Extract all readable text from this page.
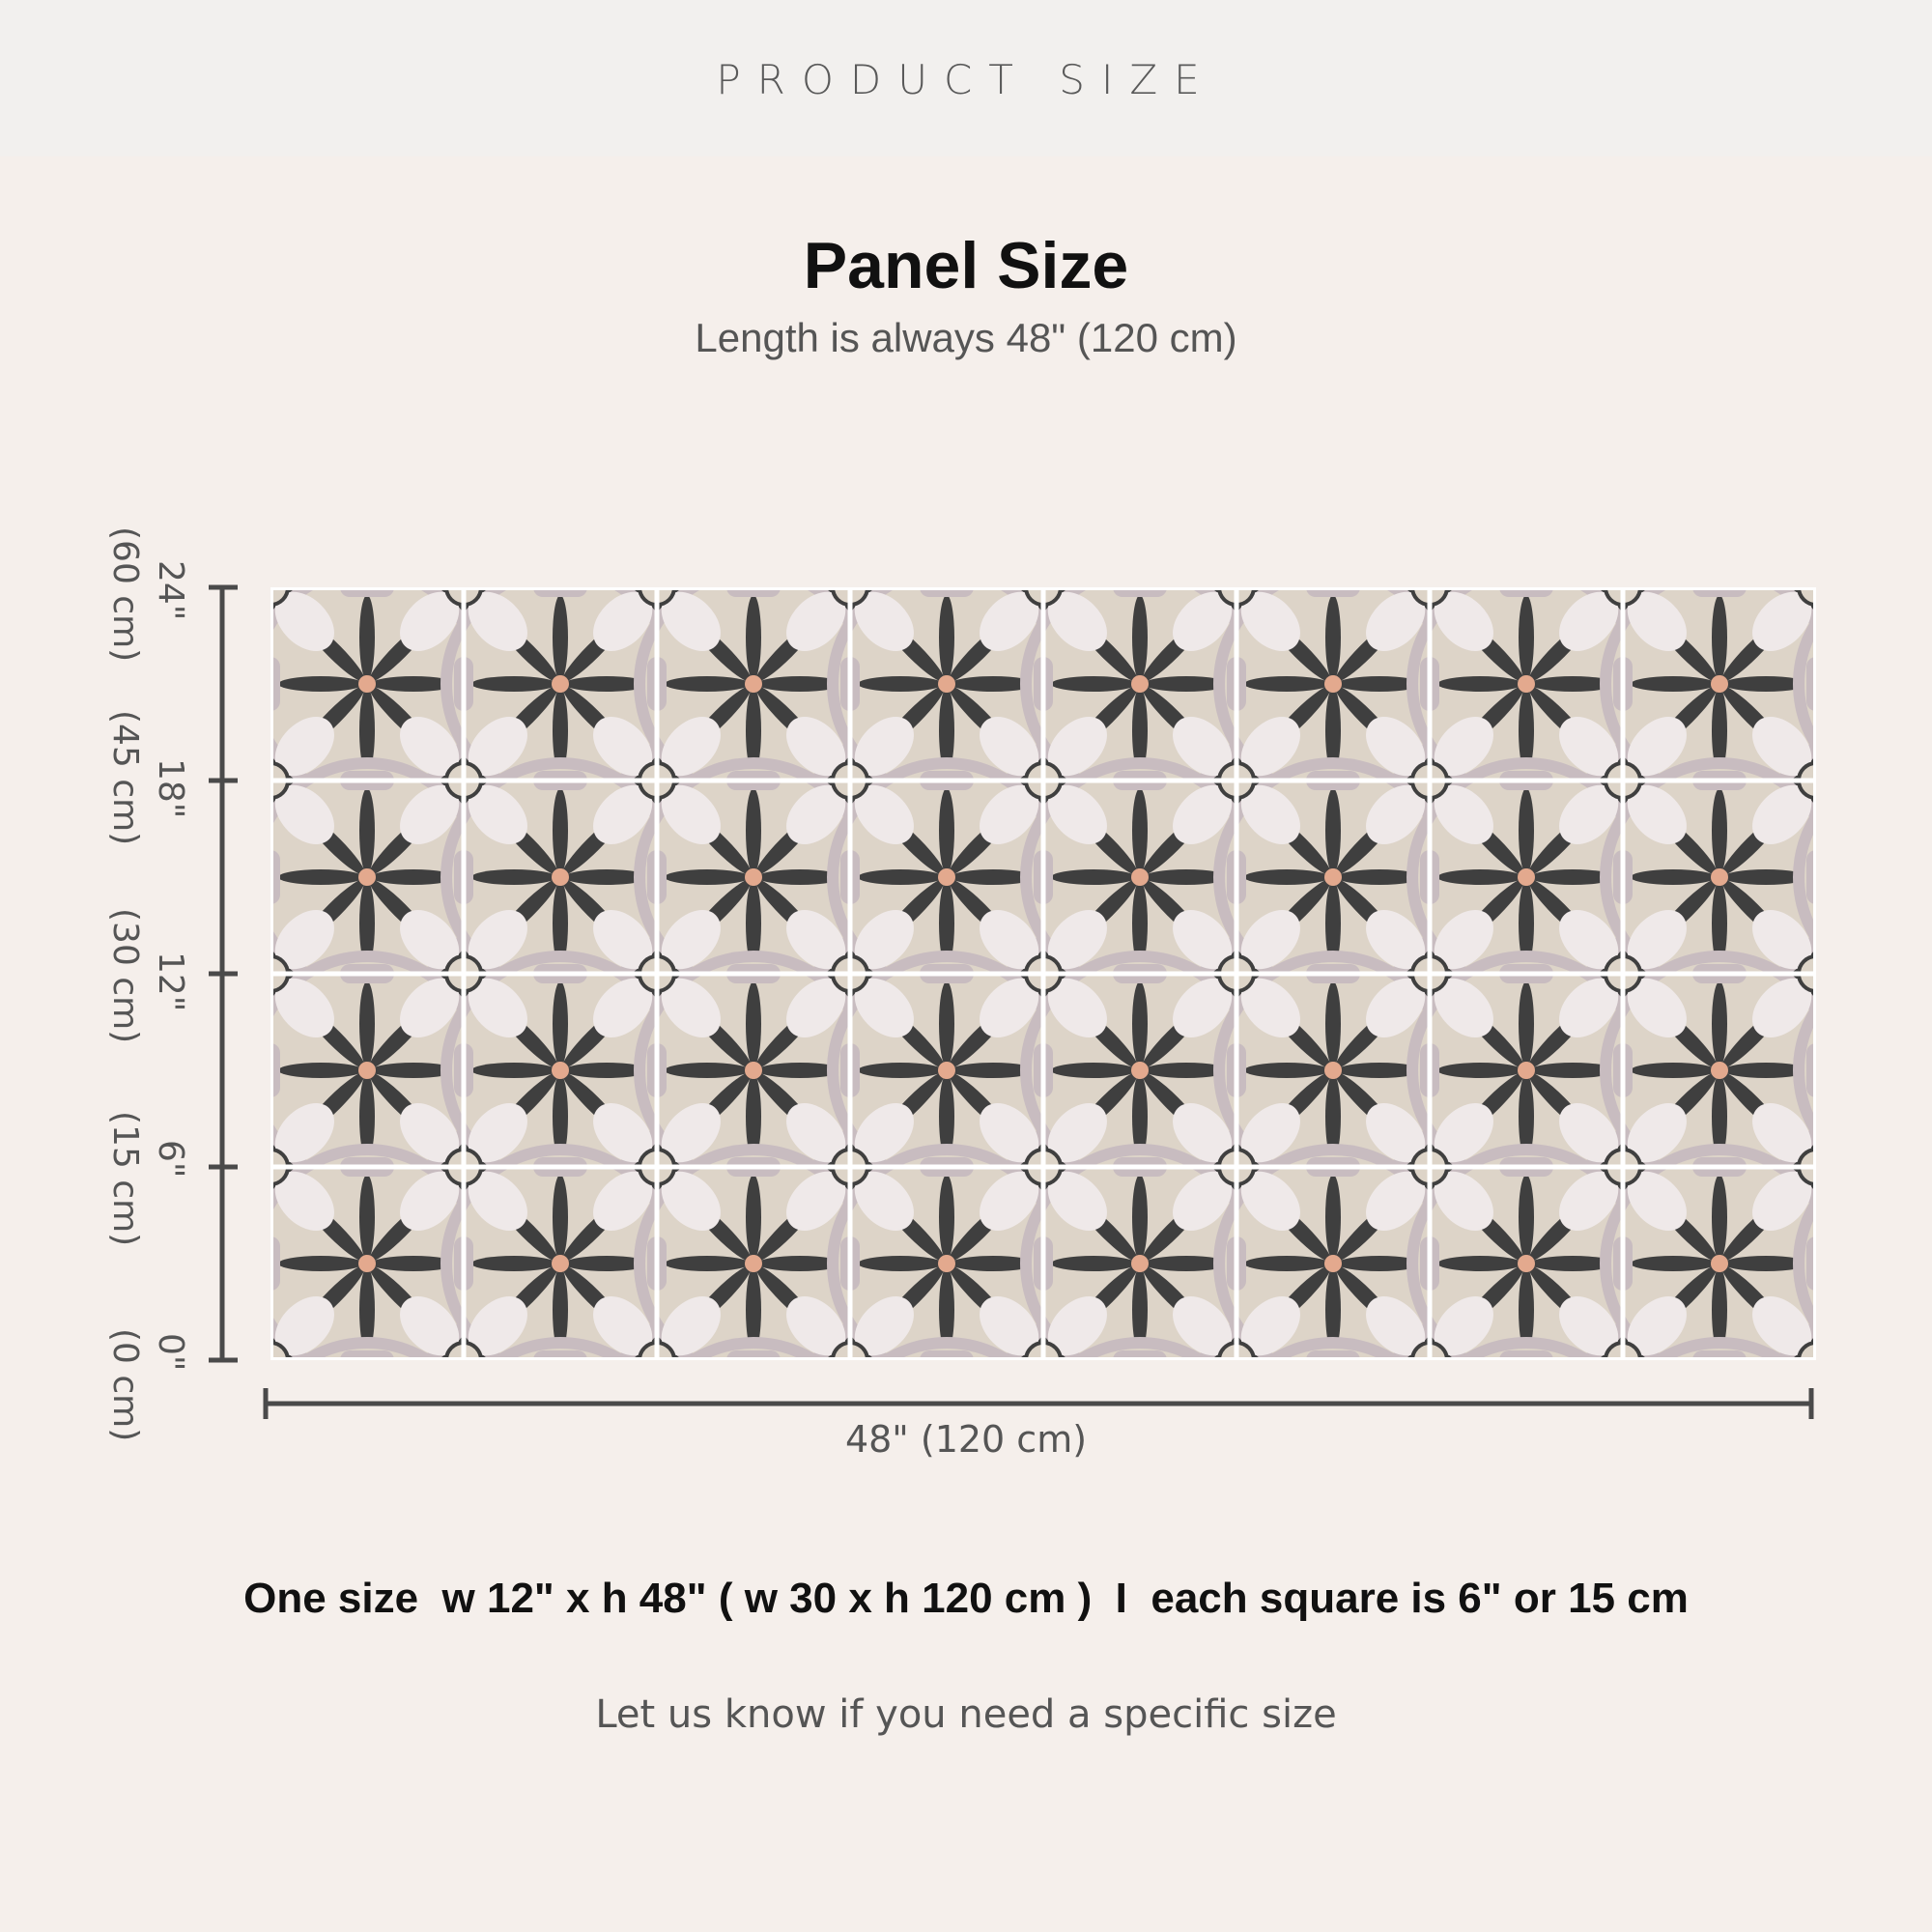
PRODUCT SIZE
Panel Size
Length is always 48" (120 cm)
24"
(60 cm)
18"
(45 cm)
12"
(30 cm)
6"
(15 cm)
0"
(0 cm)	48" (120 cm)
One size  w 12" x h 48" ( w 30 x h 120 cm )  I  each square is 6" or 15 cm
Let us know if you need a specific size
